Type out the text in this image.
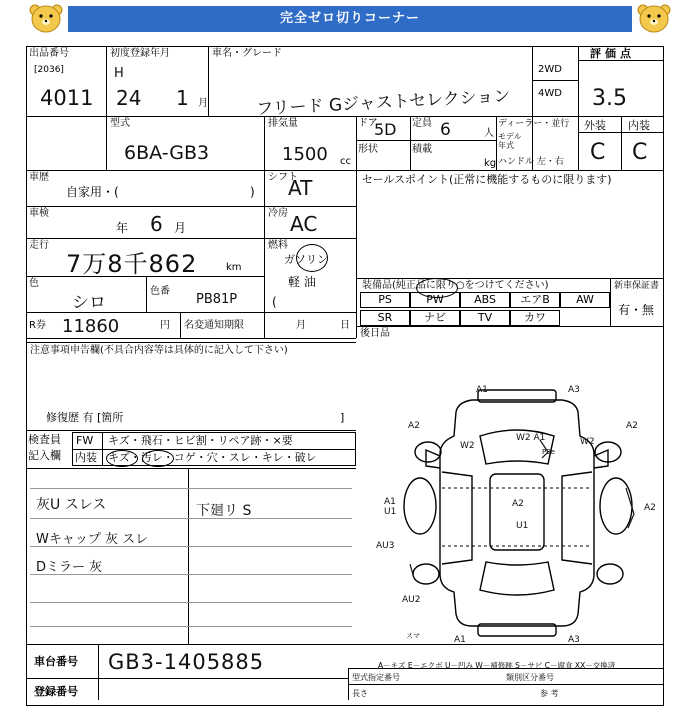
完全ゼロ切りコーナー
出品番号
[2036]
4011
初度登録年月
H
24 1 月
車名・グレード
フリード Gジャストセレクション
2WD
4WD
評価点
3.5
型式
6BA-GB3
排気量
1500 cc
ドア
5D 定員 6	人
形状	積載
kg
ディーラー・並行
モデル年式
ハンドル 左・右
外装 内装
C C
車歴
自家用・(	)
車検
年 6 月
走行
7万8千862	km
色
シロ
色番
PB81P
R券 11860	円 名変通知期限	月	日
シフト
AT
冷房 AC
燃料
ガソリン
軽 油
(
セールスポイント(正常に機能するものに限ります)
装備品(純正品に限り○をつけてください)	新車保証書
有・無
後日品
注意事項申告欄(不具合内容等は具体的に記入して下さい)
修復歴 有 [箇所	]
検査員
記入欄
FW キズ・飛石・ヒビ割・リペア跡・×要
内装 キズ・汚レ・コゲ・穴・スレ・キレ・破レ
灰U スレス
Wキャップ 灰 スレ
Dミラー 灰
下廻リ S
A1	A3
A2
W2
W2 A1	W2
A2
P3e
A1
U1
A2
U1
A2
AU3
AU2
スマ	A1	A3
A－キズ E－エクボ U－凹み W－補修跡 S－サビ C－腐食 XX－交換済
車台番号 GB3-1405885
登録番号
型式指定番号	類別区分番号
長さ	参 考
PS	PW	ABS	エアB	AW
SR	ナビ	TV	カワ
